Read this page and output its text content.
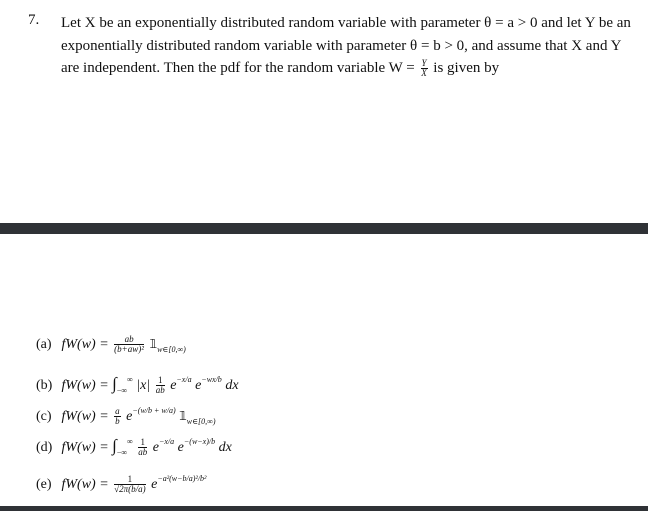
7. Let X be an exponentially distributed random variable with parameter θ = a > 0 and let Y be an
exponentially distributed random variable with parameter θ = b > 0, and assume that X and Y
are independent. Then the pdf for the random variable $W = \frac{Y}{X}$ is given by
(a) $fW(w) = \frac{ab}{\text{(b+aw)²}}$ $𝟙_{w\in[0,\infty)}$
(b) $fW(w) = \int_{-\infty}^\infty$ $|x| \frac{1}{ab} e^{-x/a}$ $e^{-wx/b}$ dx
(c) $fW(w) = \frac{a}{b} e^{-(w/b + w/a)}$ $𝟙_{w\in[0,\infty)}$
(d) $fW(w) = \int_{-\infty}^\infty \frac{1}{ab} e^{-x/a}$ $e^{-(w-x)/b}$ dx
(e) $fW(w) = \frac{1}{√2\pi(b/a)} e^{-a^2(w-b/a)^2/b^2}$
